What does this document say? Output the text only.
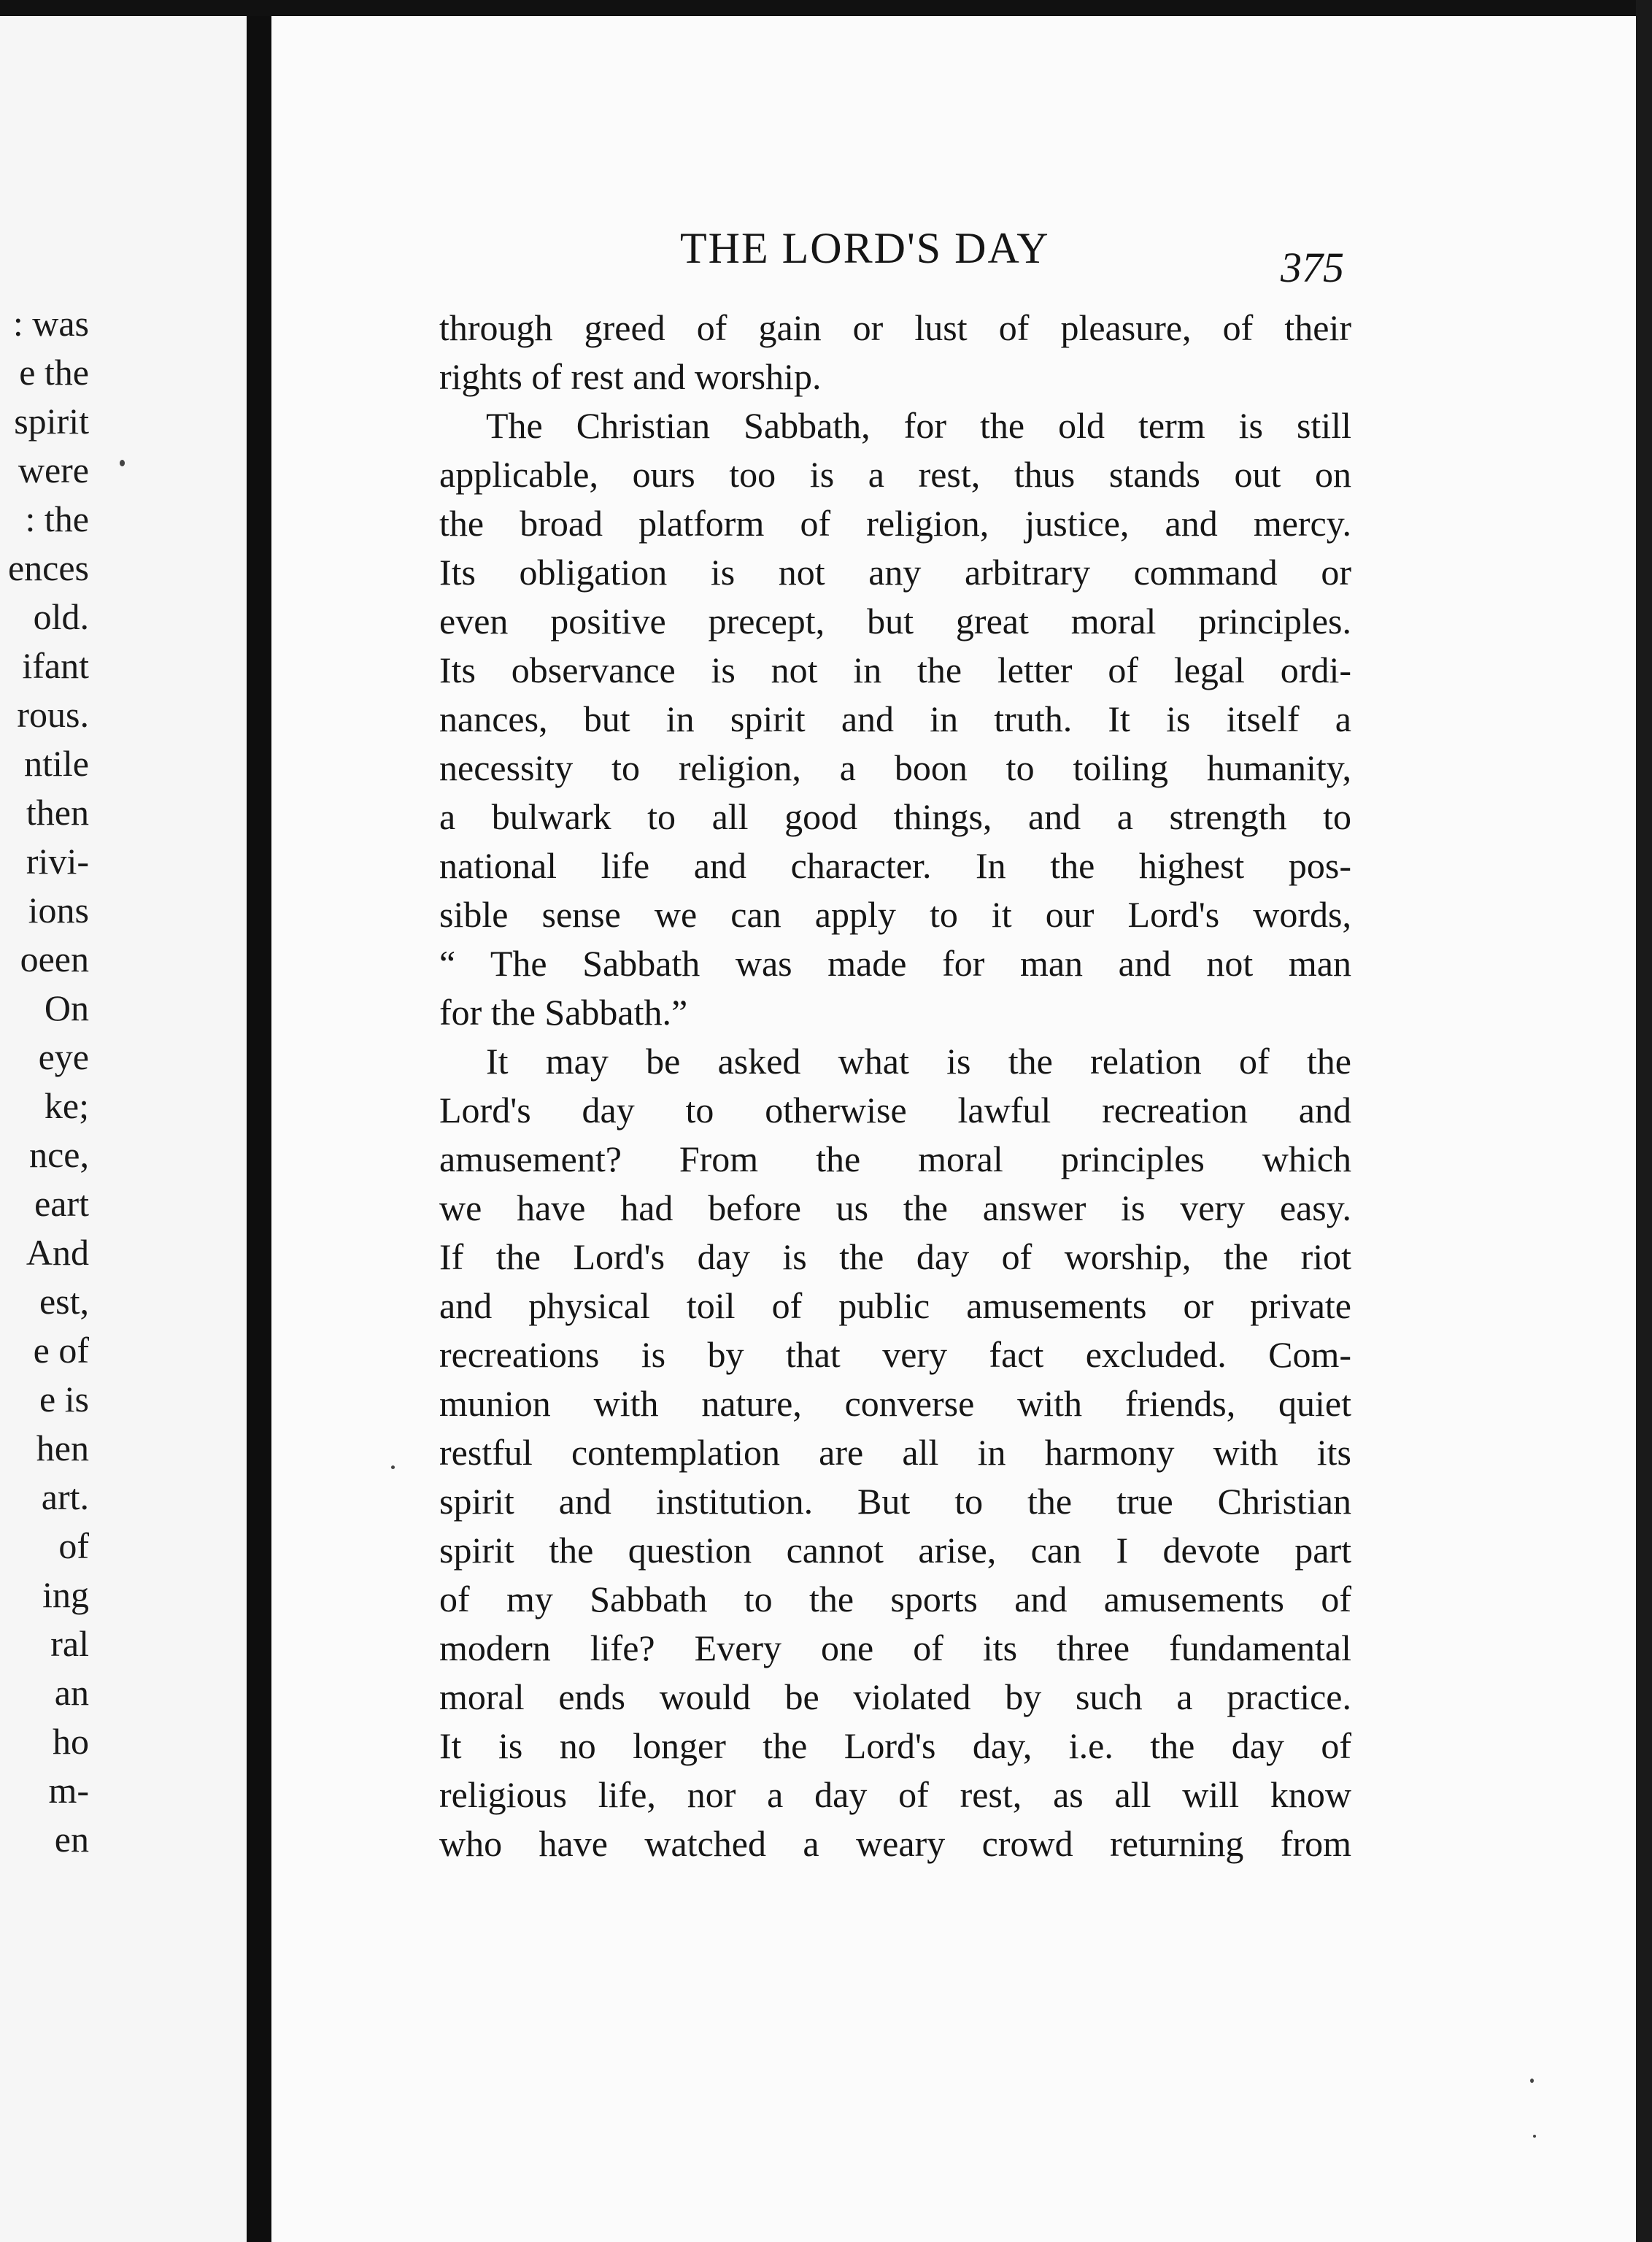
: was
e the
spirit
were
: the
ences
old.
ifant
rous.
ntile
then
rivi-
ions
oeen
On
eye
ke;
nce,
eart
And
est,
e of
e is
hen
art.
of
ing
ral
an
ho
m-
en
THE LORD'S DAY	375
through greed of gain or lust of pleasure, of their
rights of rest and worship.
The Christian Sabbath, for the old term is still
applicable, ours too is a rest, thus stands out on
the broad platform of religion, justice, and mercy.
Its obligation is not any arbitrary command or
even positive precept, but great moral principles.
Its observance is not in the letter of legal ordi-
nances, but in spirit and in truth. It is itself a
necessity to religion, a boon to toiling humanity,
a bulwark to all good things, and a strength to
national life and character. In the highest pos-
sible sense we can apply to it our Lord's words,
“ The Sabbath was made for man and not man
for the Sabbath.”
It may be asked what is the relation of the
Lord's day to otherwise lawful recreation and
amusement? From the moral principles which
we have had before us the answer is very easy.
If the Lord's day is the day of worship, the riot
and physical toil of public amusements or private
recreations is by that very fact excluded. Com-
munion with nature, converse with friends, quiet
restful contemplation are all in harmony with its
spirit and institution. But to the true Christian
spirit the question cannot arise, can I devote part
of my Sabbath to the sports and amusements of
modern life? Every one of its three fundamental
moral ends would be violated by such a practice.
It is no longer the Lord's day, i.e. the day of
religious life, nor a day of rest, as all will know
who have watched a weary crowd returning from
